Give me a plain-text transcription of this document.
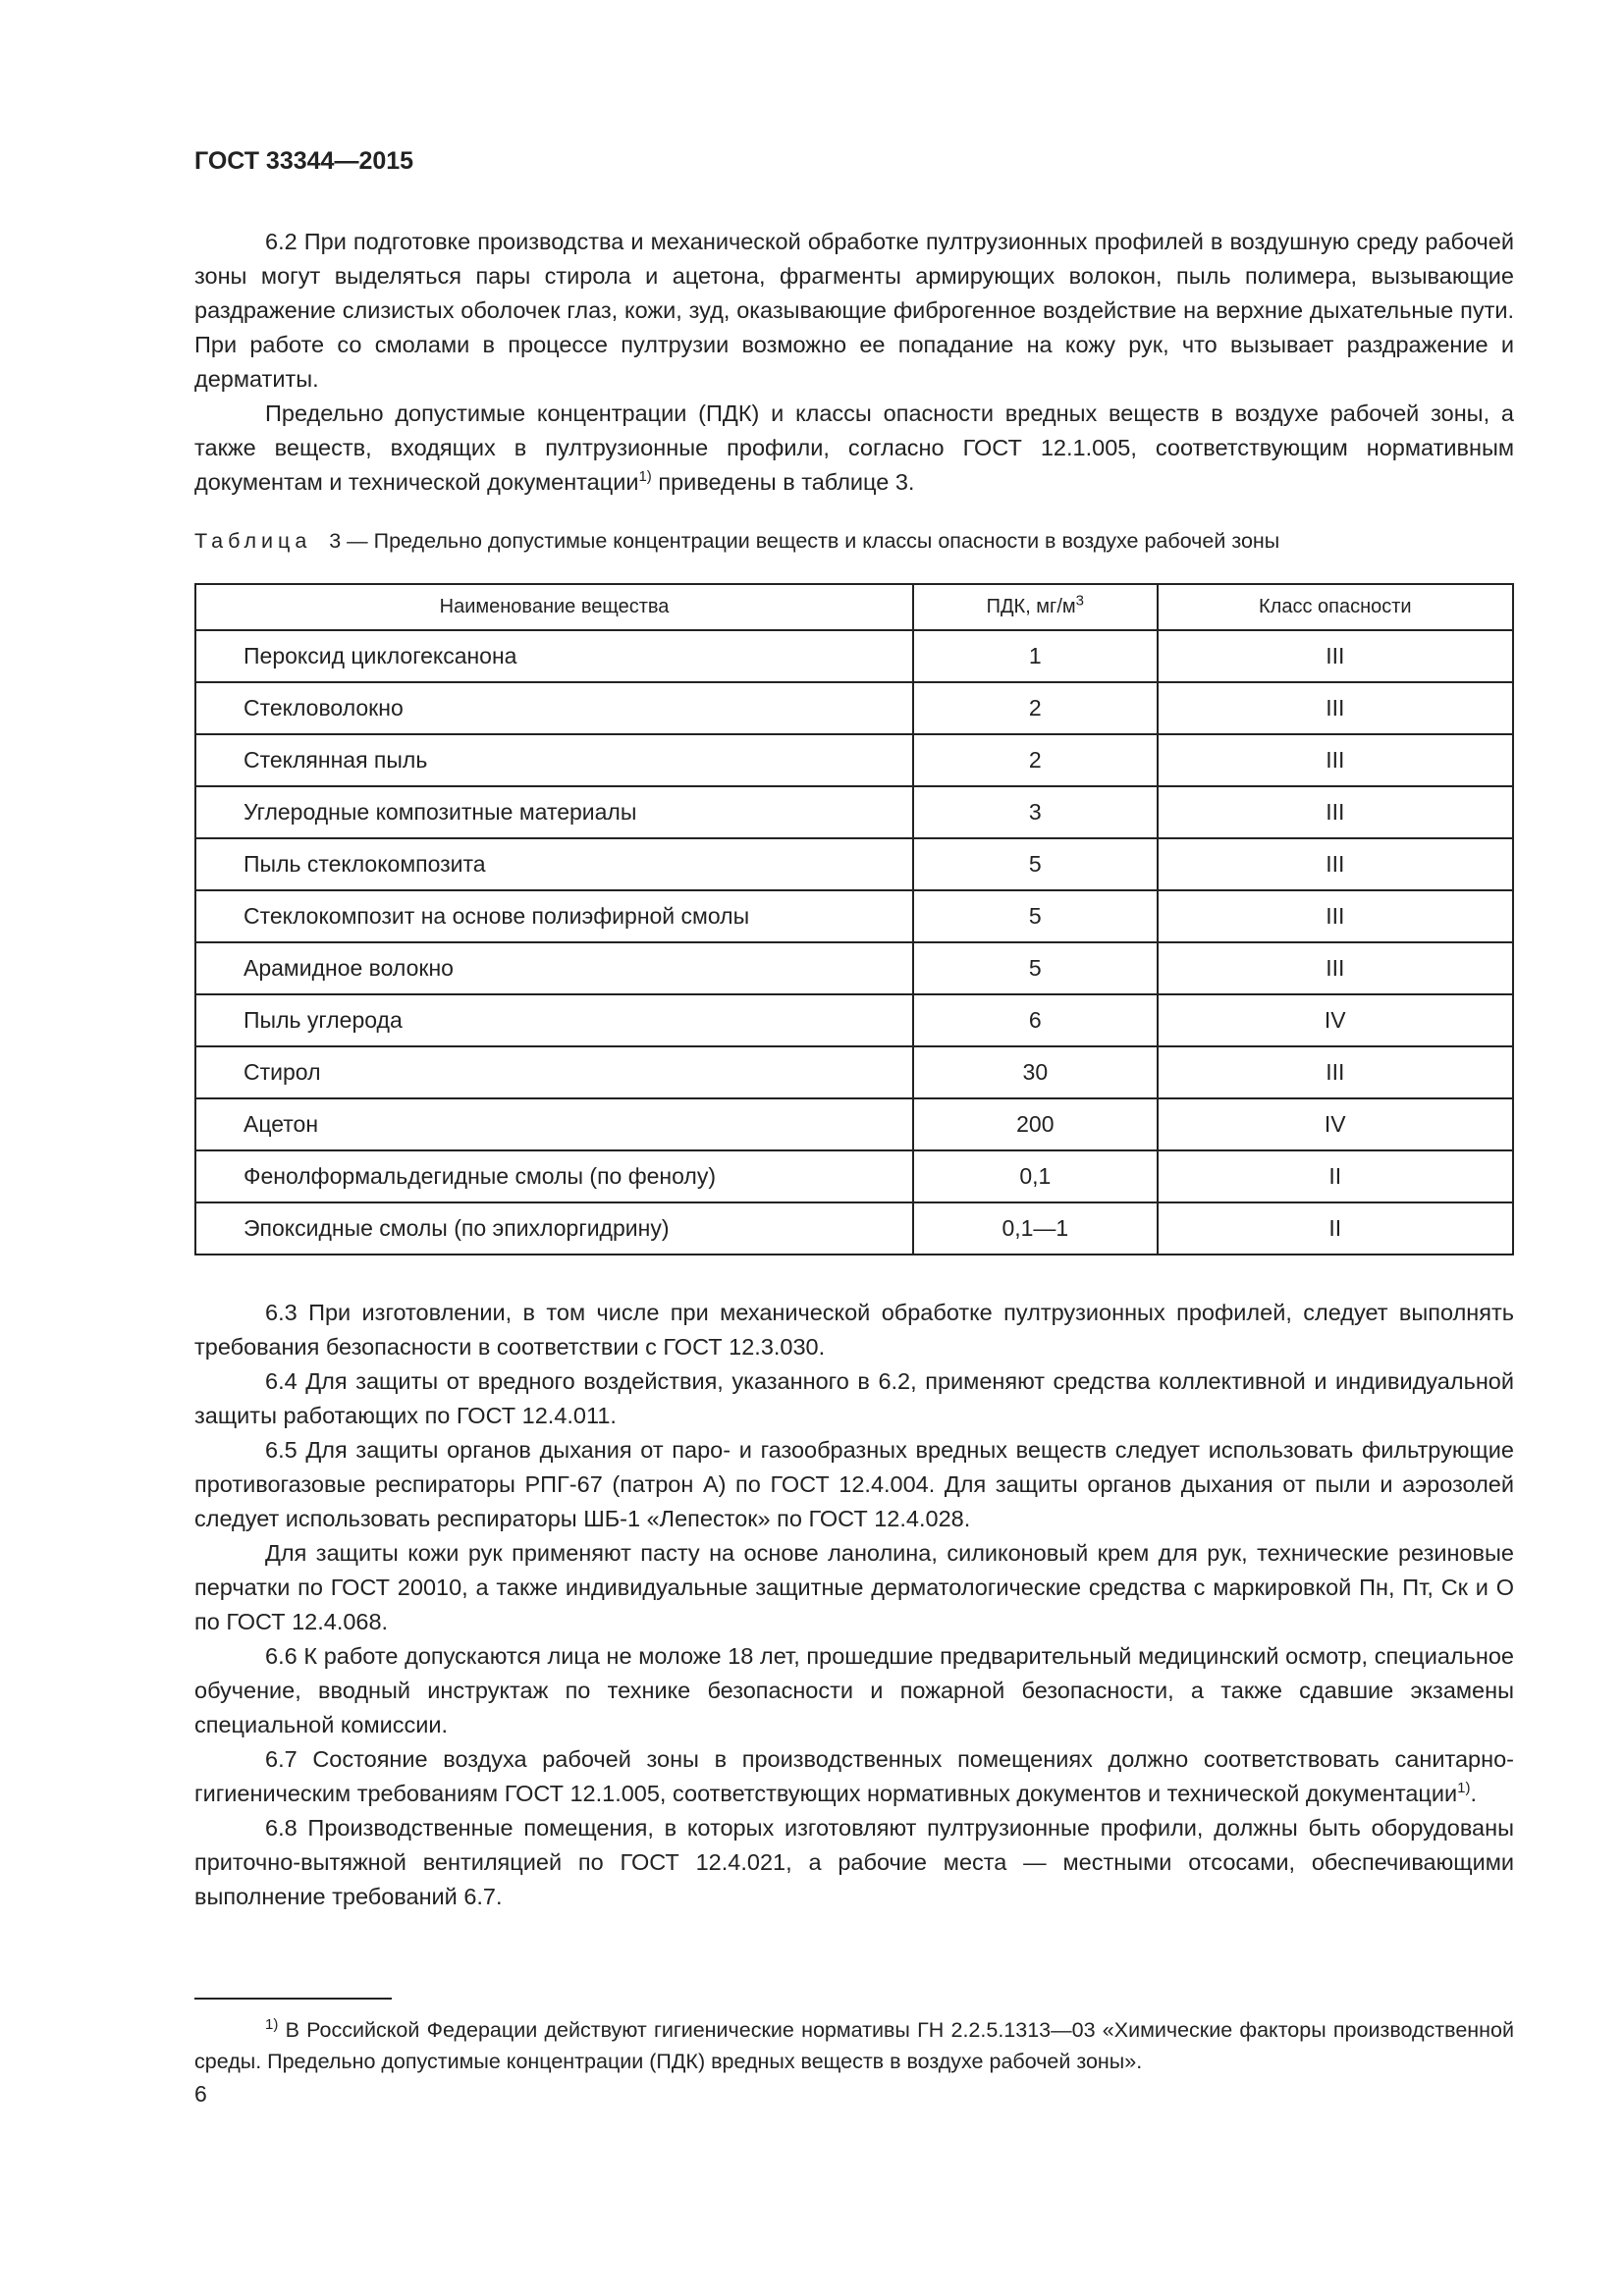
ГОСТ 33344—2015

6.2 При подготовке производства и механической обработке пултрузионных профилей в воздушную среду рабочей зоны могут выделяться пары стирола и ацетона, фрагменты армирующих волокон, пыль полимера, вызывающие раздражение слизистых оболочек глаз, кожи, зуд, оказывающие фиброгенное воздействие на верхние дыхательные пути. При работе со смолами в процессе пултрузии возможно ее попадание на кожу рук, что вызывает раздражение и дерматиты.

Предельно допустимые концентрации (ПДК) и классы опасности вредных веществ в воздухе рабочей зоны, а также веществ, входящих в пултрузионные профили, согласно ГОСТ 12.1.005, соответствующим нормативным документам и технической документации$^{1)}$ приведены в таблице 3.

Таблица 3 — Предельно допустимые концентрации веществ и классы опасности в воздухе рабочей зоны
Наименование вещества	ПДК, $мг/м^3$	Класс опасности
Пероксид циклогексанона	1	III
Стекловолокно	2	III
Стеклянная пыль	2	III
Углеродные композитные материалы	3	III
Пыль стеклокомпозита	5	III
Стеклокомпозит на основе полиэфирной смолы	5	III
Арамидное волокно	5	III
Пыль углерода	6	IV
Стирол	30	III
Ацетон	200	IV
Фенолформальдегидные смолы (по фенолу)	0,1	II
Эпоксидные смолы (по эпихлоргидрину)	0,1—1	II

6.3 При изготовлении, в том числе при механической обработке пултрузионных профилей, следует выполнять требования безопасности в соответствии с ГОСТ 12.3.030.

6.4 Для защиты от вредного воздействия, указанного в 6.2, применяют средства коллективной и индивидуальной защиты работающих по ГОСТ 12.4.011.

6.5 Для защиты органов дыхания от паро- и газообразных вредных веществ следует использовать фильтрующие противогазовые респираторы РПГ-67 (патрон А) по ГОСТ 12.4.004. Для защиты органов дыхания от пыли и аэрозолей следует использовать респираторы ШБ-1 «Лепесток» по ГОСТ 12.4.028.

Для защиты кожи рук применяют пасту на основе ланолина, силиконовый крем для рук, технические резиновые перчатки по ГОСТ 20010, а также индивидуальные защитные дерматологические средства с маркировкой Пн, Пт, Ск и О по ГОСТ 12.4.068.

6.6 К работе допускаются лица не моложе 18 лет, прошедшие предварительный медицинский осмотр, специальное обучение, вводный инструктаж по технике безопасности и пожарной безопасности, а также сдавшие экзамены специальной комиссии.

6.7 Состояние воздуха рабочей зоны в производственных помещениях должно соответствовать санитарно-гигиеническим требованиям ГОСТ 12.1.005, соответствующих нормативных документов и технической документации$^{1)}$.

6.8 Производственные помещения, в которых изготовляют пултрузионные профили, должны быть оборудованы приточно-вытяжной вентиляцией по ГОСТ 12.4.021, а рабочие места — местными отсосами, обеспечивающими выполнение требований 6.7.

$^{1)}$ В Российской Федерации действуют гигиенические нормативы ГН 2.2.5.1313—03 «Химические факторы производственной среды. Предельно допустимые концентрации (ПДК) вредных веществ в воздухе рабочей зоны».

6
